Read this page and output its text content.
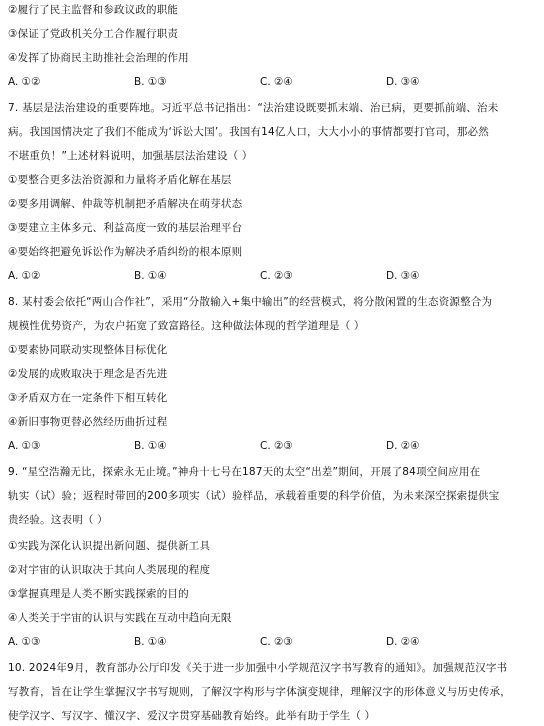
②履行了民主监督和参政议政的职能
③保证了党政机关分工合作履行职责
④发挥了协商民主助推社会治理的作用
A. ①②	B. ①③	C. ②④	D. ③④
7. 基层是法治建设的重要阵地。习近平总书记指出：“法治建设既要抓末端、治已病，更要抓前端、治未
病。我国国情决定了我们不能成为‘诉讼大国’。我国有14亿人口，大大小小的事情都要打官司，那必然
不堪重负！”上述材料说明，加强基层法治建设（ ）
①要整合更多法治资源和力量将矛盾化解在基层
②要多用调解、仲裁等机制把矛盾解决在萌芽状态
③要建立主体多元、利益高度一致的基层治理平台
④要始终把避免诉讼作为解决矛盾纠纷的根本原则
A. ①②	B. ①④	C. ②③	D. ③④
8. 某村委会依托“两山合作社”，采用“分散输入+集中输出”的经营模式，将分散闲置的生态资源整合为
规模性优势资产，为农户拓宽了致富路径。这种做法体现的哲学道理是（ ）
①要素协同联动实现整体目标优化
②发展的成败取决于理念是否先进
③矛盾双方在一定条件下相互转化
④新旧事物更替必然经历曲折过程
A. ①③	B. ①④	C. ②③	D. ②④
9. “星空浩瀚无比，探索永无止境。”神舟十七号在187天的太空“出差”期间，开展了84项空间应用在
轨实（试）验；返程时带回的200多项实（试）验样品，承载着重要的科学价值，为未来深空探索提供宝
贵经验。这表明（ ）
①实践为深化认识提出新问题、提供新工具
②对宇宙的认识取决于其向人类展现的程度
③掌握真理是人类不断实践探索的目的
④人类关于宇宙的认识与实践在互动中趋向无限
A. ①③	B. ①④	C. ②③	D. ②④
10. 2024年9月，教育部办公厅印发《关于进一步加强中小学规范汉字书写教育的通知》。加强规范汉字书
写教育，旨在让学生掌握汉字书写规则，了解汉字构形与字体演变规律，理解汉字的形体意义与历史传承，
使学汉字、写汉字、懂汉字、爱汉字贯穿基础教育始终。此举有助于学生（ ）
